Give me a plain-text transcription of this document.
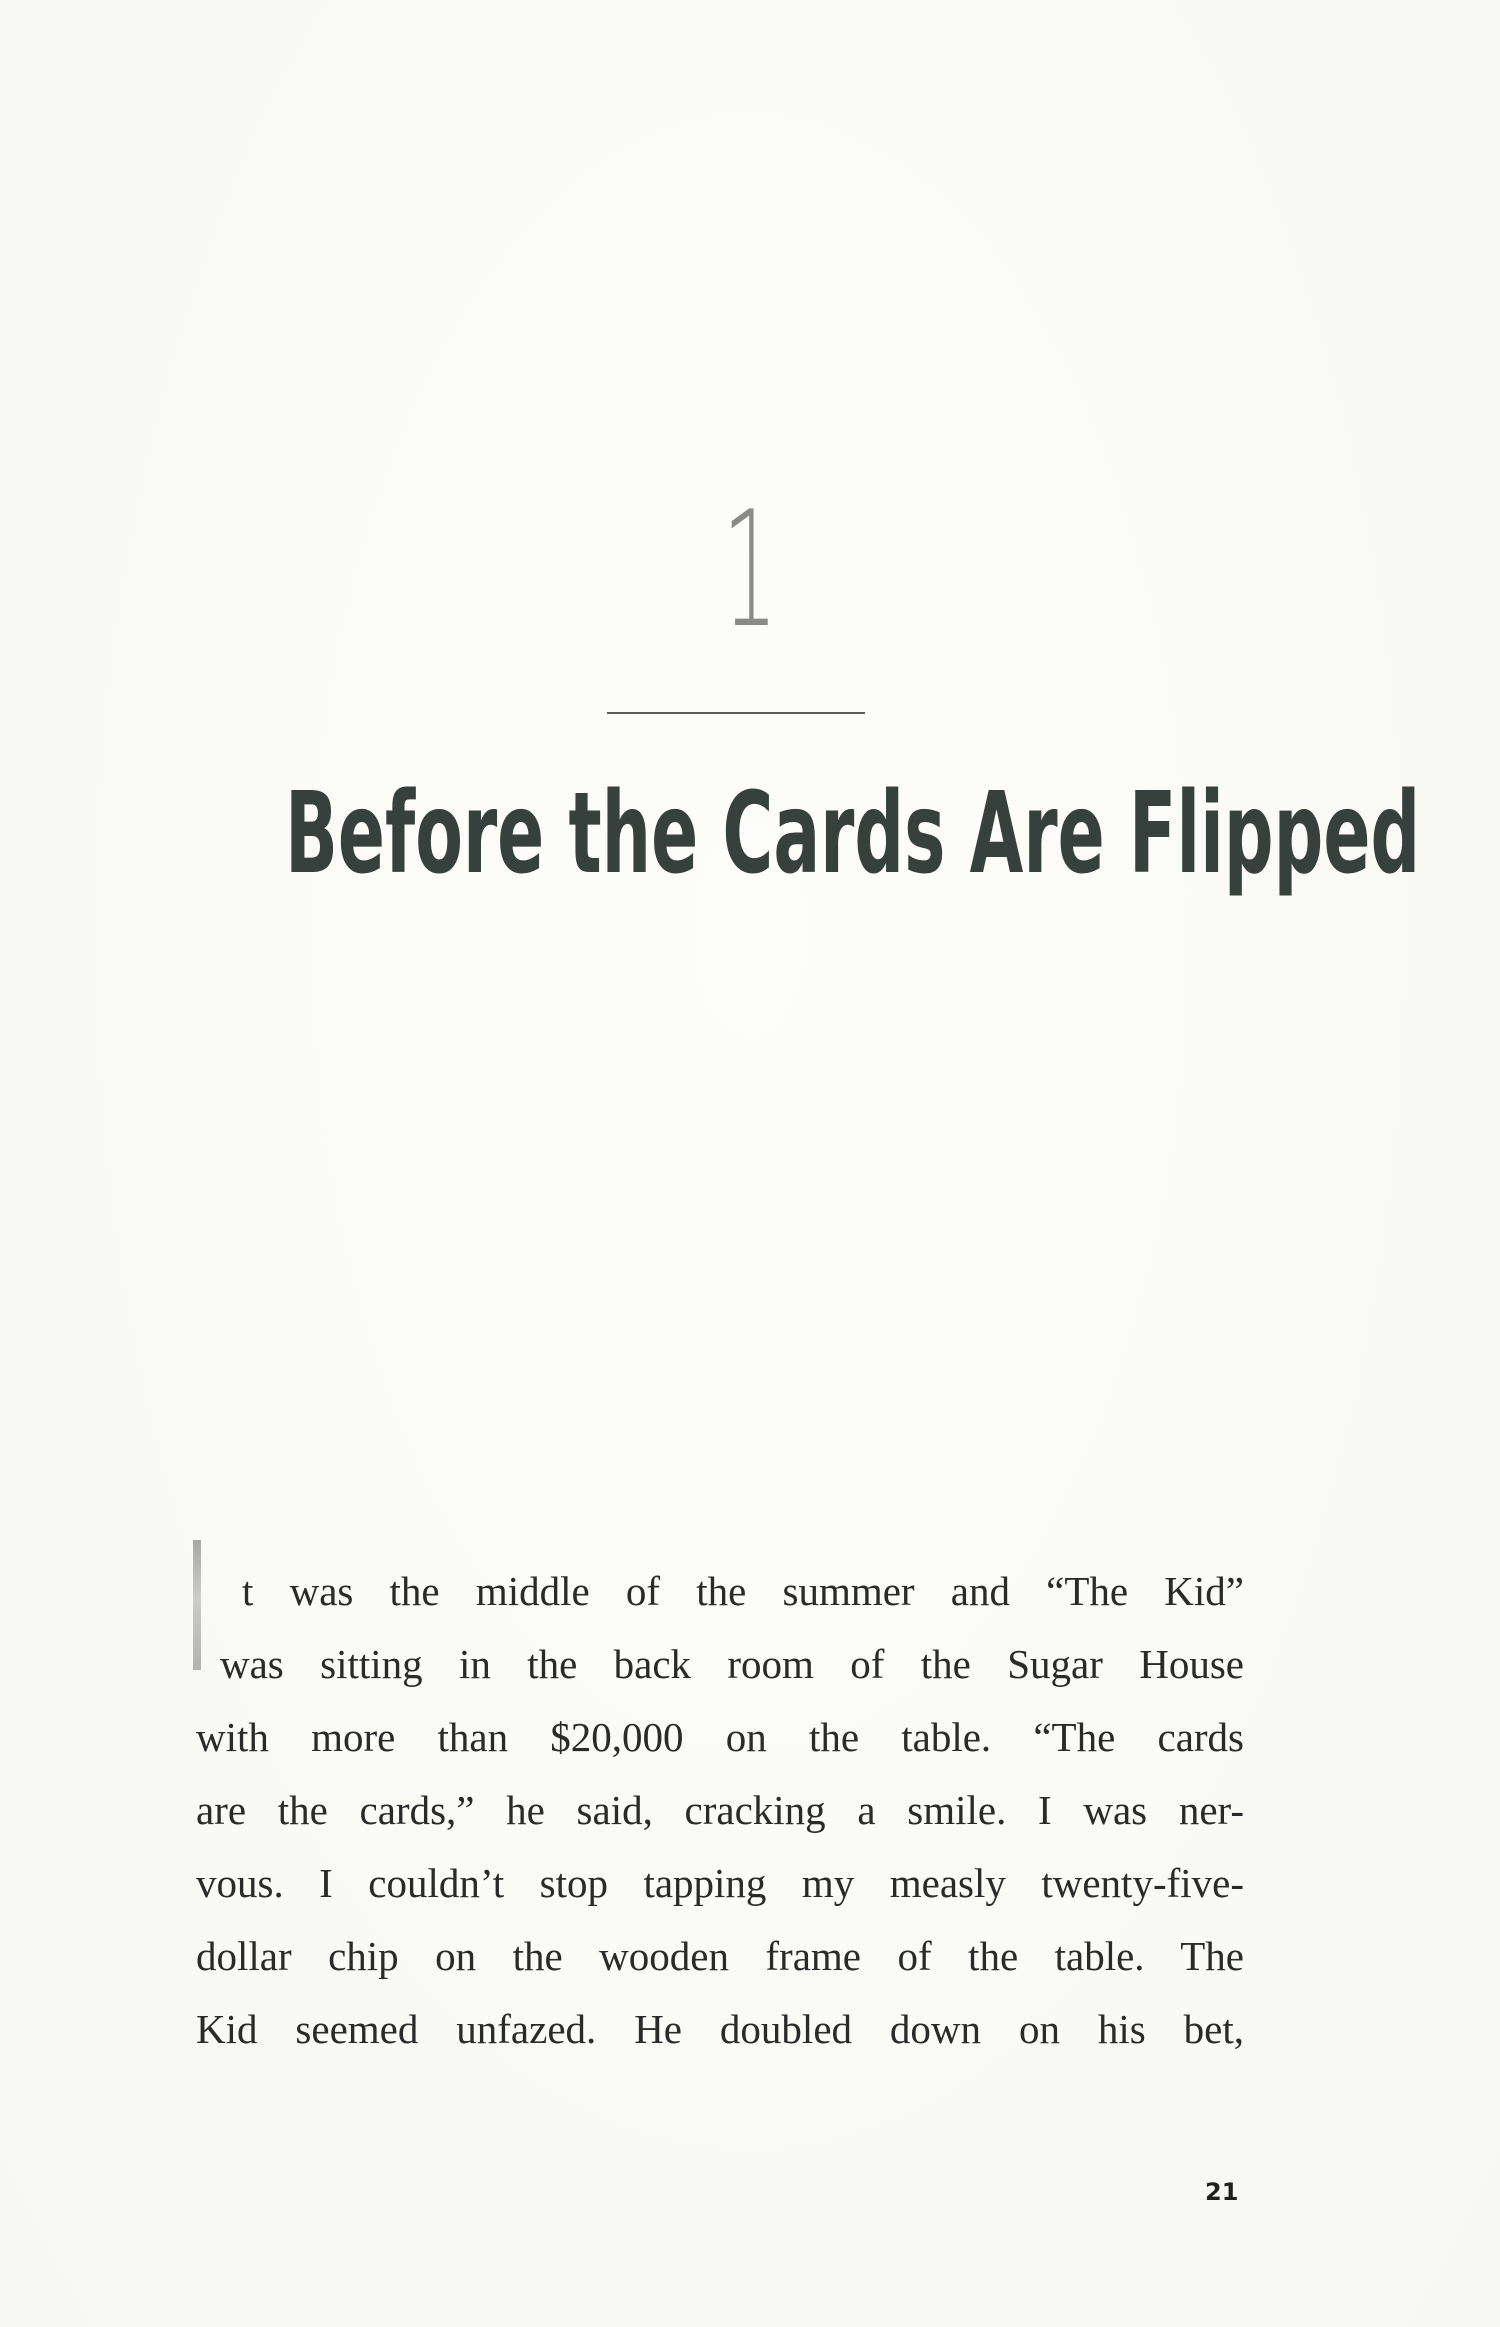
1
Before the Cards Are Flipped
t was the middle of the summer and “The Kid”
was sitting in the back room of the Sugar House
with more than $20,000 on the table. “The cards
are the cards,” he said, cracking a smile. I was ner-
vous. I couldn’t stop tapping my measly twenty-five-
dollar chip on the wooden frame of the table. The
Kid seemed unfazed. He doubled down on his bet,
21
